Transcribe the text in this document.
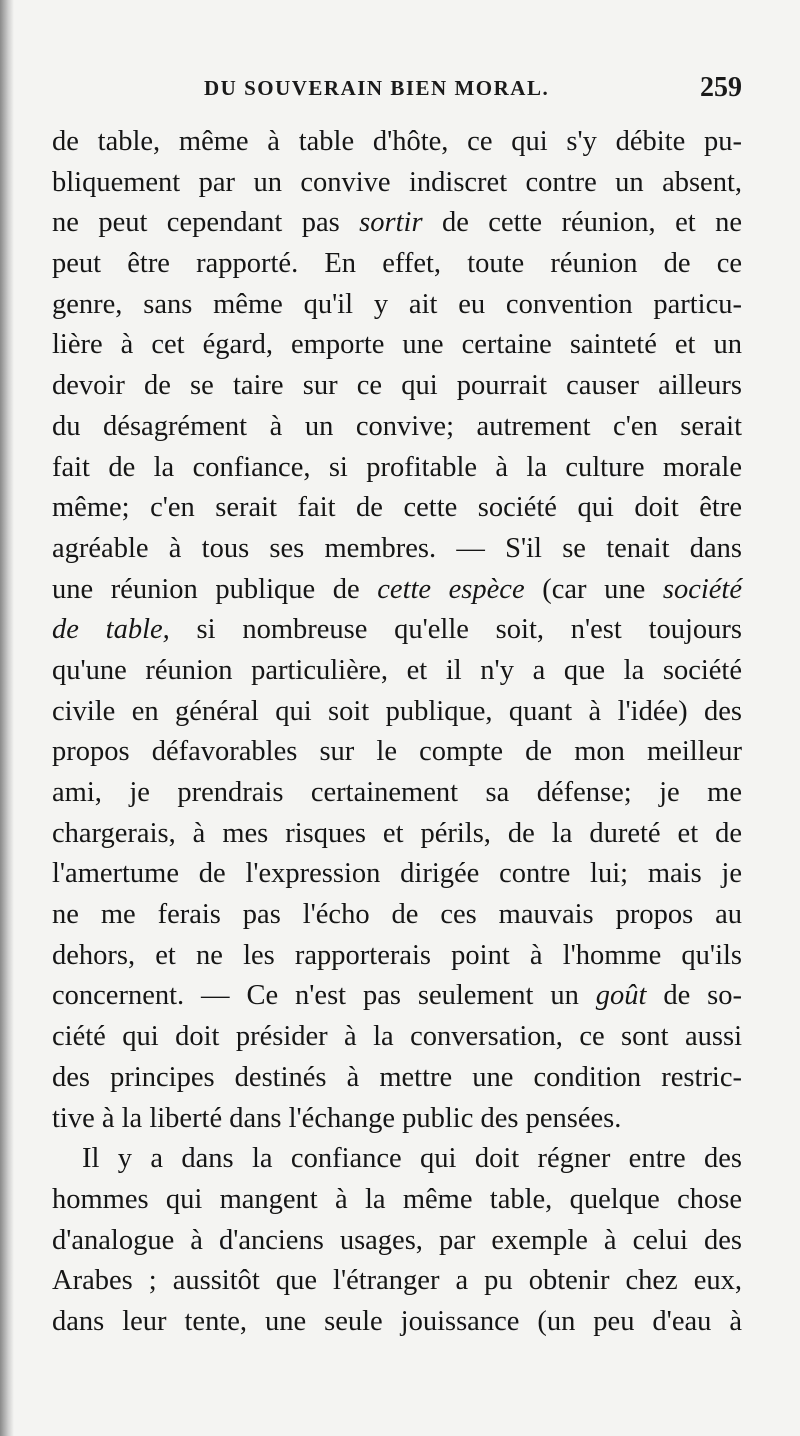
DU SOUVERAIN BIEN MORAL.	259
de table, même à table d'hôte, ce qui s'y débite pu-
bliquement par un convive indiscret contre un absent,
ne peut cependant pas sortir de cette réunion, et ne
peut être rapporté. En effet, toute réunion de ce
genre, sans même qu'il y ait eu convention particu-
lière à cet égard, emporte une certaine sainteté et un
devoir de se taire sur ce qui pourrait causer ailleurs
du désagrément à un convive; autrement c'en serait
fait de la confiance, si profitable à la culture morale
même; c'en serait fait de cette société qui doit être
agréable à tous ses membres. — S'il se tenait dans
une réunion publique de cette espèce (car une société
de table, si nombreuse qu'elle soit, n'est toujours
qu'une réunion particulière, et il n'y a que la société
civile en général qui soit publique, quant à l'idée) des
propos défavorables sur le compte de mon meilleur
ami, je prendrais certainement sa défense; je me
chargerais, à mes risques et périls, de la dureté et de
l'amertume de l'expression dirigée contre lui; mais je
ne me ferais pas l'écho de ces mauvais propos au
dehors, et ne les rapporterais point à l'homme qu'ils
concernent. — Ce n'est pas seulement un goût de so-
ciété qui doit présider à la conversation, ce sont aussi
des principes destinés à mettre une condition restric-
tive à la liberté dans l'échange public des pensées.
Il y a dans la confiance qui doit régner entre des
hommes qui mangent à la même table, quelque chose
d'analogue à d'anciens usages, par exemple à celui des
Arabes ; aussitôt que l'étranger a pu obtenir chez eux,
dans leur tente, une seule jouissance (un peu d'eau à
